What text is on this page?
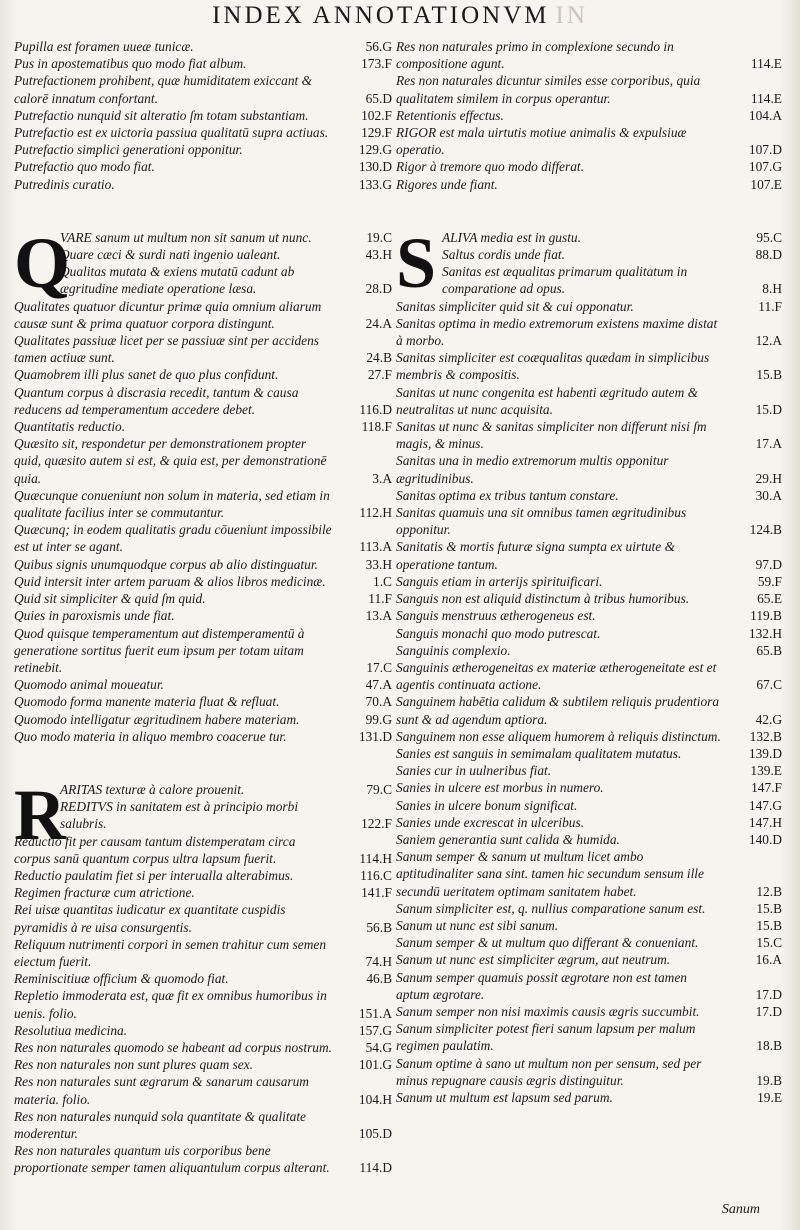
INDEX ANNOTATIONVM IN
Pupilla est foramen uueæ tunicæ.	56.G
Pus in apostematibus quo modo fiat album.	173.F
Putrefactionem prohibent, quæ humiditatem exiccant & calorē innatum confortant.	65.D
Putrefactio nunquid sit alteratio ſm totam substantiam.	102.F
Putrefactio est ex uictoria passiua qualitatū supra actiuas.	129.F
Putrefactio simplici generationi opponitur.	129.G
Putrefactio quo modo fiat.	130.D
Putredinis curatio.	133.G
Q
VARE sanum ut multum non sit sanum ut nunc.	19.C
Quare cæci & surdi nati ingenio ualeant.	43.H
Qualitas mutata & exiens mutatū cadunt ab ægritudine mediate operatione læsa.	28.D
Qualitates quatuor dicuntur primæ quia omnium aliarum causæ sunt & prima quatuor corpora distingunt.	24.A
Qualitates passiuæ licet per se passiuæ sint per accidens tamen actiuæ sunt.	24.B
Quamobrem illi plus sanet de quo plus confidunt.	27.F
Quantum corpus à discrasia recedit, tantum & causa reducens ad temperamentum accedere debet.	116.D
Quantitatis reductio.	118.F
Quæsito sit, respondetur per demonstrationem propter quid, quæsito autem si est, & quia est, per demonstrationē quia.	3.A
Quæcunque conueniunt non solum in materia, sed etiam in qualitate facilius inter se commutantur.	112.H
Quæcunq; in eodem qualitatis gradu cōueniunt impossibile est ut inter se agant.	113.A
Quibus signis unumquodque corpus ab alio distinguatur.	33.H
Quid intersit inter artem paruam & alios libros medicinæ.	1.C
Quid sit simpliciter & quid ſm quid.	11.F
Quies in paroxismis unde fiat.	13.A
Quod quisque temperamentum aut distemperamentū à generatione sortitus fuerit eum ipsum per totam uitam retinebit.	17.C
Quomodo animal moueatur.	47.A
Quomodo forma manente materia fluat & refluat.	70.A
Quomodo intelligatur ægritudinem habere materiam.	99.G
Quo modo materia in aliquo membro coacerue tur.	131.D
R
ARITAS texturæ à calore prouenit.	79.C
REDITVS in sanitatem est à principio morbi salubris.	122.F
Reductio fit per causam tantum distemperatam circa corpus sanū quantum corpus ultra lapsum fuerit.	114.H
Reductio paulatim fiet si per interualla alterabimus.	116.C
Regimen fracturæ cum atrictione.	141.F
Rei uisæ quantitas iudicatur ex quantitate cuspidis pyramidis à re uisa consurgentis.	56.B
Reliquum nutrimenti corpori in semen trahitur cum semen eiectum fuerit.	74.H
Reminiscitiuæ officium & quomodo fiat.	46.B
Repletio immoderata est, quæ fit ex omnibus humoribus in uenis. folio.	151.A
Resolutiua medicina.	157.G
Res non naturales quomodo se habeant ad corpus nostrum.	54.G
Res non naturales non sunt plures quam sex.	101.G
Res non naturales sunt ægrarum & sanarum causarum materia. folio.	104.H
Res non naturales nunquid sola quantitate & qualitate moderentur.	105.D
Res non naturales quantum uis corporibus bene proportionate semper tamen aliquantulum corpus alterant.	114.D
Res non naturales primo in complexione secundo in compositione agunt.	114.E
Res non naturales dicuntur similes esse corporibus, quia qualitatem similem in corpus operantur.	114.E
Retentionis effectus.	104.A
RIGOR est mala uirtutis motiue animalis & expulsiuæ operatio.	107.D
Rigor à tremore quo modo differat.	107.G
Rigores unde fiant.	107.E
S ALIVA media est in gustu.	95.C
Saltus cordis unde fiat.	88.D
Sanitas est æqualitas primarum qualitatum in comparatione ad opus.	8.H
Sanitas simpliciter quid sit & cui opponatur.	11.F
Sanitas optima in medio extremorum existens maxime distat à morbo.	12.A
Sanitas simpliciter est coæqualitas quædam in simplicibus membris & compositis.	15.B
Sanitas ut nunc congenita est habenti ægritudo autem & neutralitas ut nunc acquisita.	15.D
Sanitas ut nunc & sanitas simpliciter non differunt nisi ſm magis, & minus.	17.A
Sanitas una in medio extremorum multis opponitur ægritudinibus.	29.H
Sanitas optima ex tribus tantum constare.	30.A
Sanitas quamuis una sit omnibus tamen ægritudinibus opponitur.	124.B
Sanitatis & mortis futuræ signa sumpta ex uirtute & operatione tantum.	97.D
Sanguis etiam in arterijs spirituificari.	59.F
Sanguis non est aliquid distinctum à tribus humoribus.	65.E
Sanguis menstruus ætherogeneus est.	119.B
Sanguis monachi quo modo putrescat.	132.H
Sanguinis complexio.	65.B
Sanguinis ætherogeneitas ex materiæ ætherogeneitate est et agentis continuata actione.	67.C
Sanguinem habētia calidum & subtilem reliquis prudentiora sunt & ad agendum aptiora.	42.G
Sanguinem non esse aliquem humorem à reliquis distinctum.	132.B
Sanies est sanguis in semimalam qualitatem mutatus.	139.D
Sanies cur in uulneribus fiat.	139.E
Sanies in ulcere est morbus in numero.	147.F
Sanies in ulcere bonum significat.	147.G
Sanies unde excrescat in ulceribus.	147.H
Saniem generantia sunt calida & humida.	140.D
Sanum semper & sanum ut multum licet ambo aptitudinaliter sana sint. tamen hic secundum sensum ille secundū ueritatem optimam sanitatem habet.	12.B
Sanum simpliciter est, q. nullius comparatione sanum est.	15.B
Sanum ut nunc est sibi sanum.	15.B
Sanum semper & ut multum quo differant & conueniant.	15.C
Sanum ut nunc est simpliciter ægrum, aut neutrum.	16.A
Sanum semper quamuis possit ægrotare non est tamen aptum ægrotare.	17.D
Sanum semper non nisi maximis causis ægris succumbit.	17.D
Sanum simpliciter potest fieri sanum lapsum per malum regimen paulatim.	18.B
Sanum optime à sano ut multum non per sensum, sed per minus repugnare causis ægris distinguitur.	19.B
Sanum ut multum est lapsum sed parum.	19.E
Sanum
